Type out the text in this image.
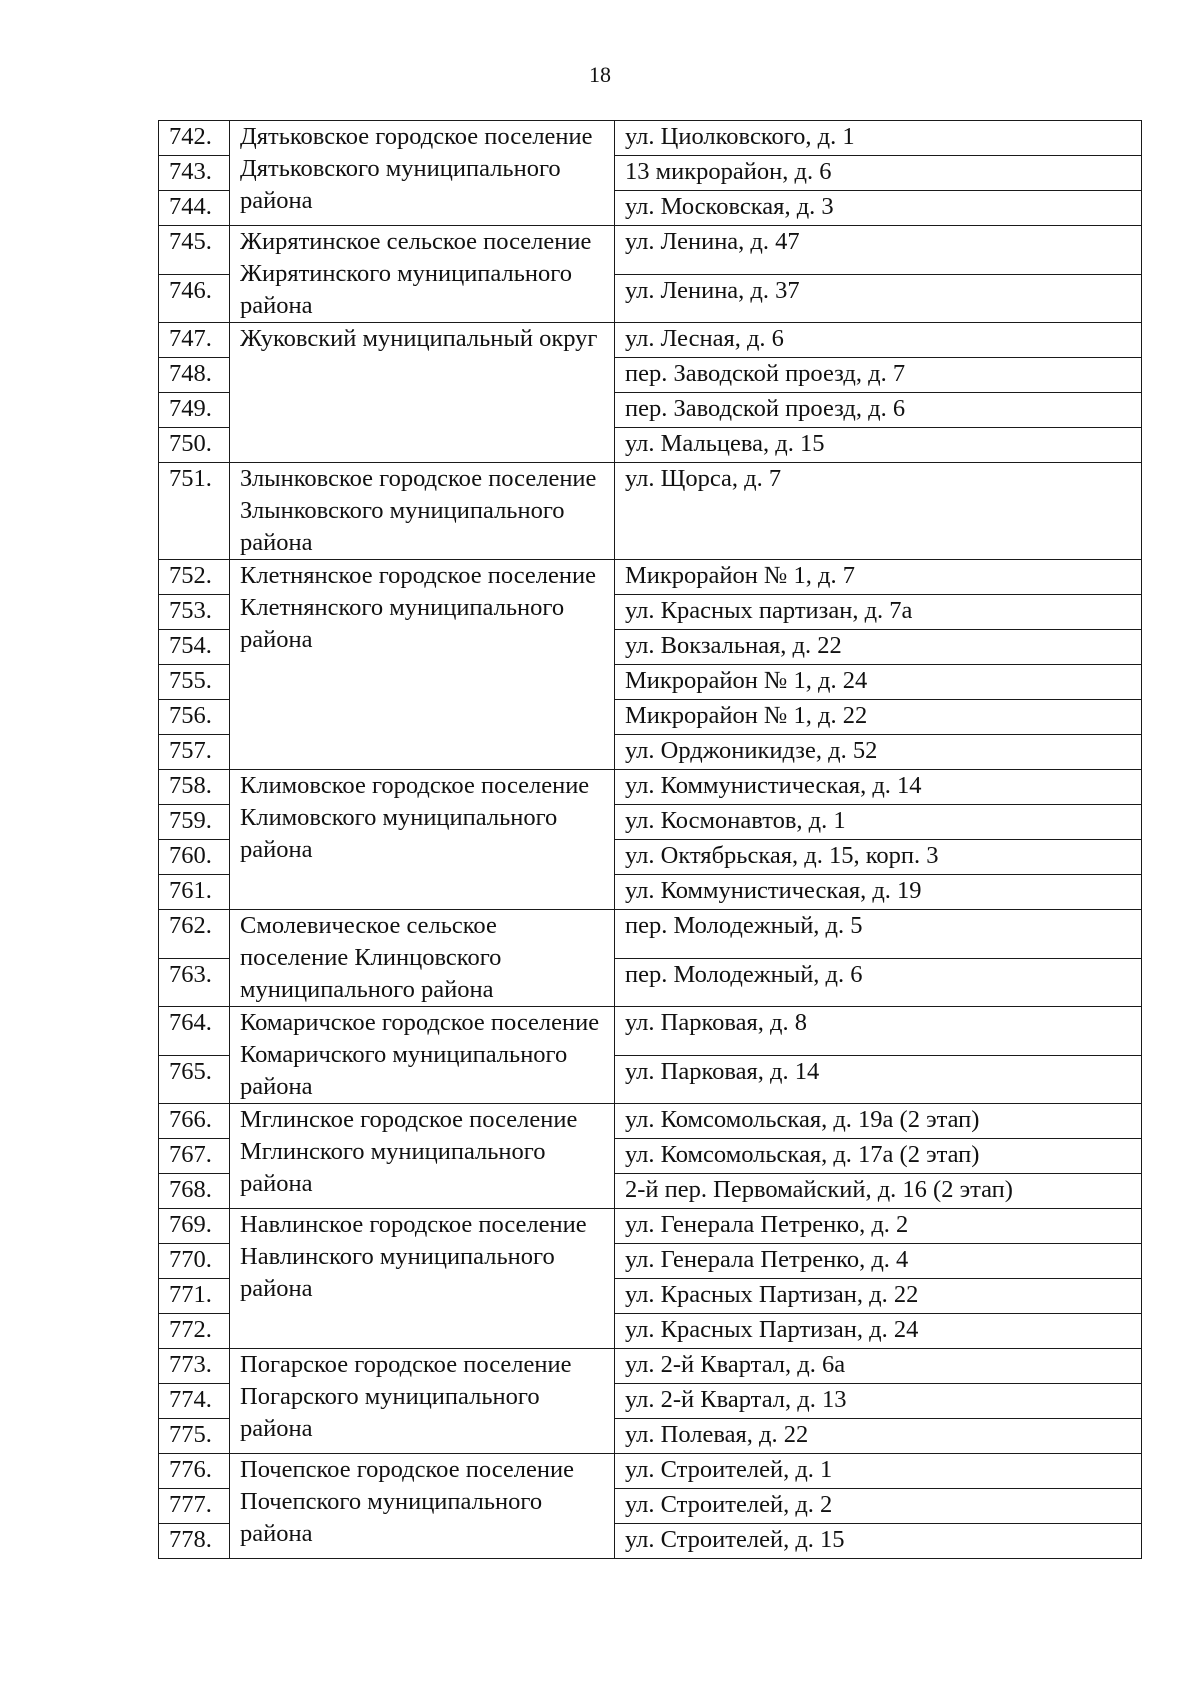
18
742.	Дятьковское городское поселение Дятьковского муниципального района	ул. Циолковского, д. 1
743.		13 микрорайон, д. 6
744.		ул. Московская, д. 3
745.	Жирятинское сельское поселение Жирятинского муниципального района	ул. Ленина, д. 47
746.		ул. Ленина, д. 37
747.	Жуковский муниципальный округ	ул. Лесная, д. 6
748.		пер. Заводской проезд, д. 7
749.		пер. Заводской проезд, д. 6
750.		ул. Мальцева, д. 15
751.	Злынковское городское поселение Злынковского муниципального района	ул. Щорса, д. 7
752.	Клетнянское городское поселение Клетнянского муниципального района	Микрорайон № 1, д. 7
753.		ул. Красных партизан, д. 7а
754.		ул. Вокзальная, д. 22
755.		Микрорайон № 1, д. 24
756.		Микрорайон № 1, д. 22
757.		ул. Орджоникидзе, д. 52
758.	Климовское городское поселение Климовского муниципального района	ул. Коммунистическая, д. 14
759.		ул. Космонавтов, д. 1
760.		ул. Октябрьская, д. 15, корп. 3
761.		ул. Коммунистическая, д. 19
762.	Смолевическое сельское поселение Клинцовского муниципального района	пер. Молодежный, д. 5
763.		пер. Молодежный, д. 6
764.	Комаричское городское поселение Комаричского муниципального района	ул. Парковая, д. 8
765.		ул. Парковая, д. 14
766.	Мглинское городское поселение Мглинского муниципального района	ул. Комсомольская, д. 19а (2 этап)
767.		ул. Комсомольская, д. 17а (2 этап)
768.		2-й пер. Первомайский, д. 16 (2 этап)
769.	Навлинское городское поселение Навлинского муниципального района	ул. Генерала Петренко, д. 2
770.		ул. Генерала Петренко, д. 4
771.		ул. Красных Партизан, д. 22
772.		ул. Красных Партизан, д. 24
773.	Погарское городское поселение Погарского муниципального района	ул. 2-й Квартал, д. 6а
774.		ул. 2-й Квартал, д. 13
775.		ул. Полевая, д. 22
776.	Почепское городское поселение Почепского муниципального района	ул. Строителей, д. 1
777.		ул. Строителей, д. 2
778.		ул. Строителей, д. 15
